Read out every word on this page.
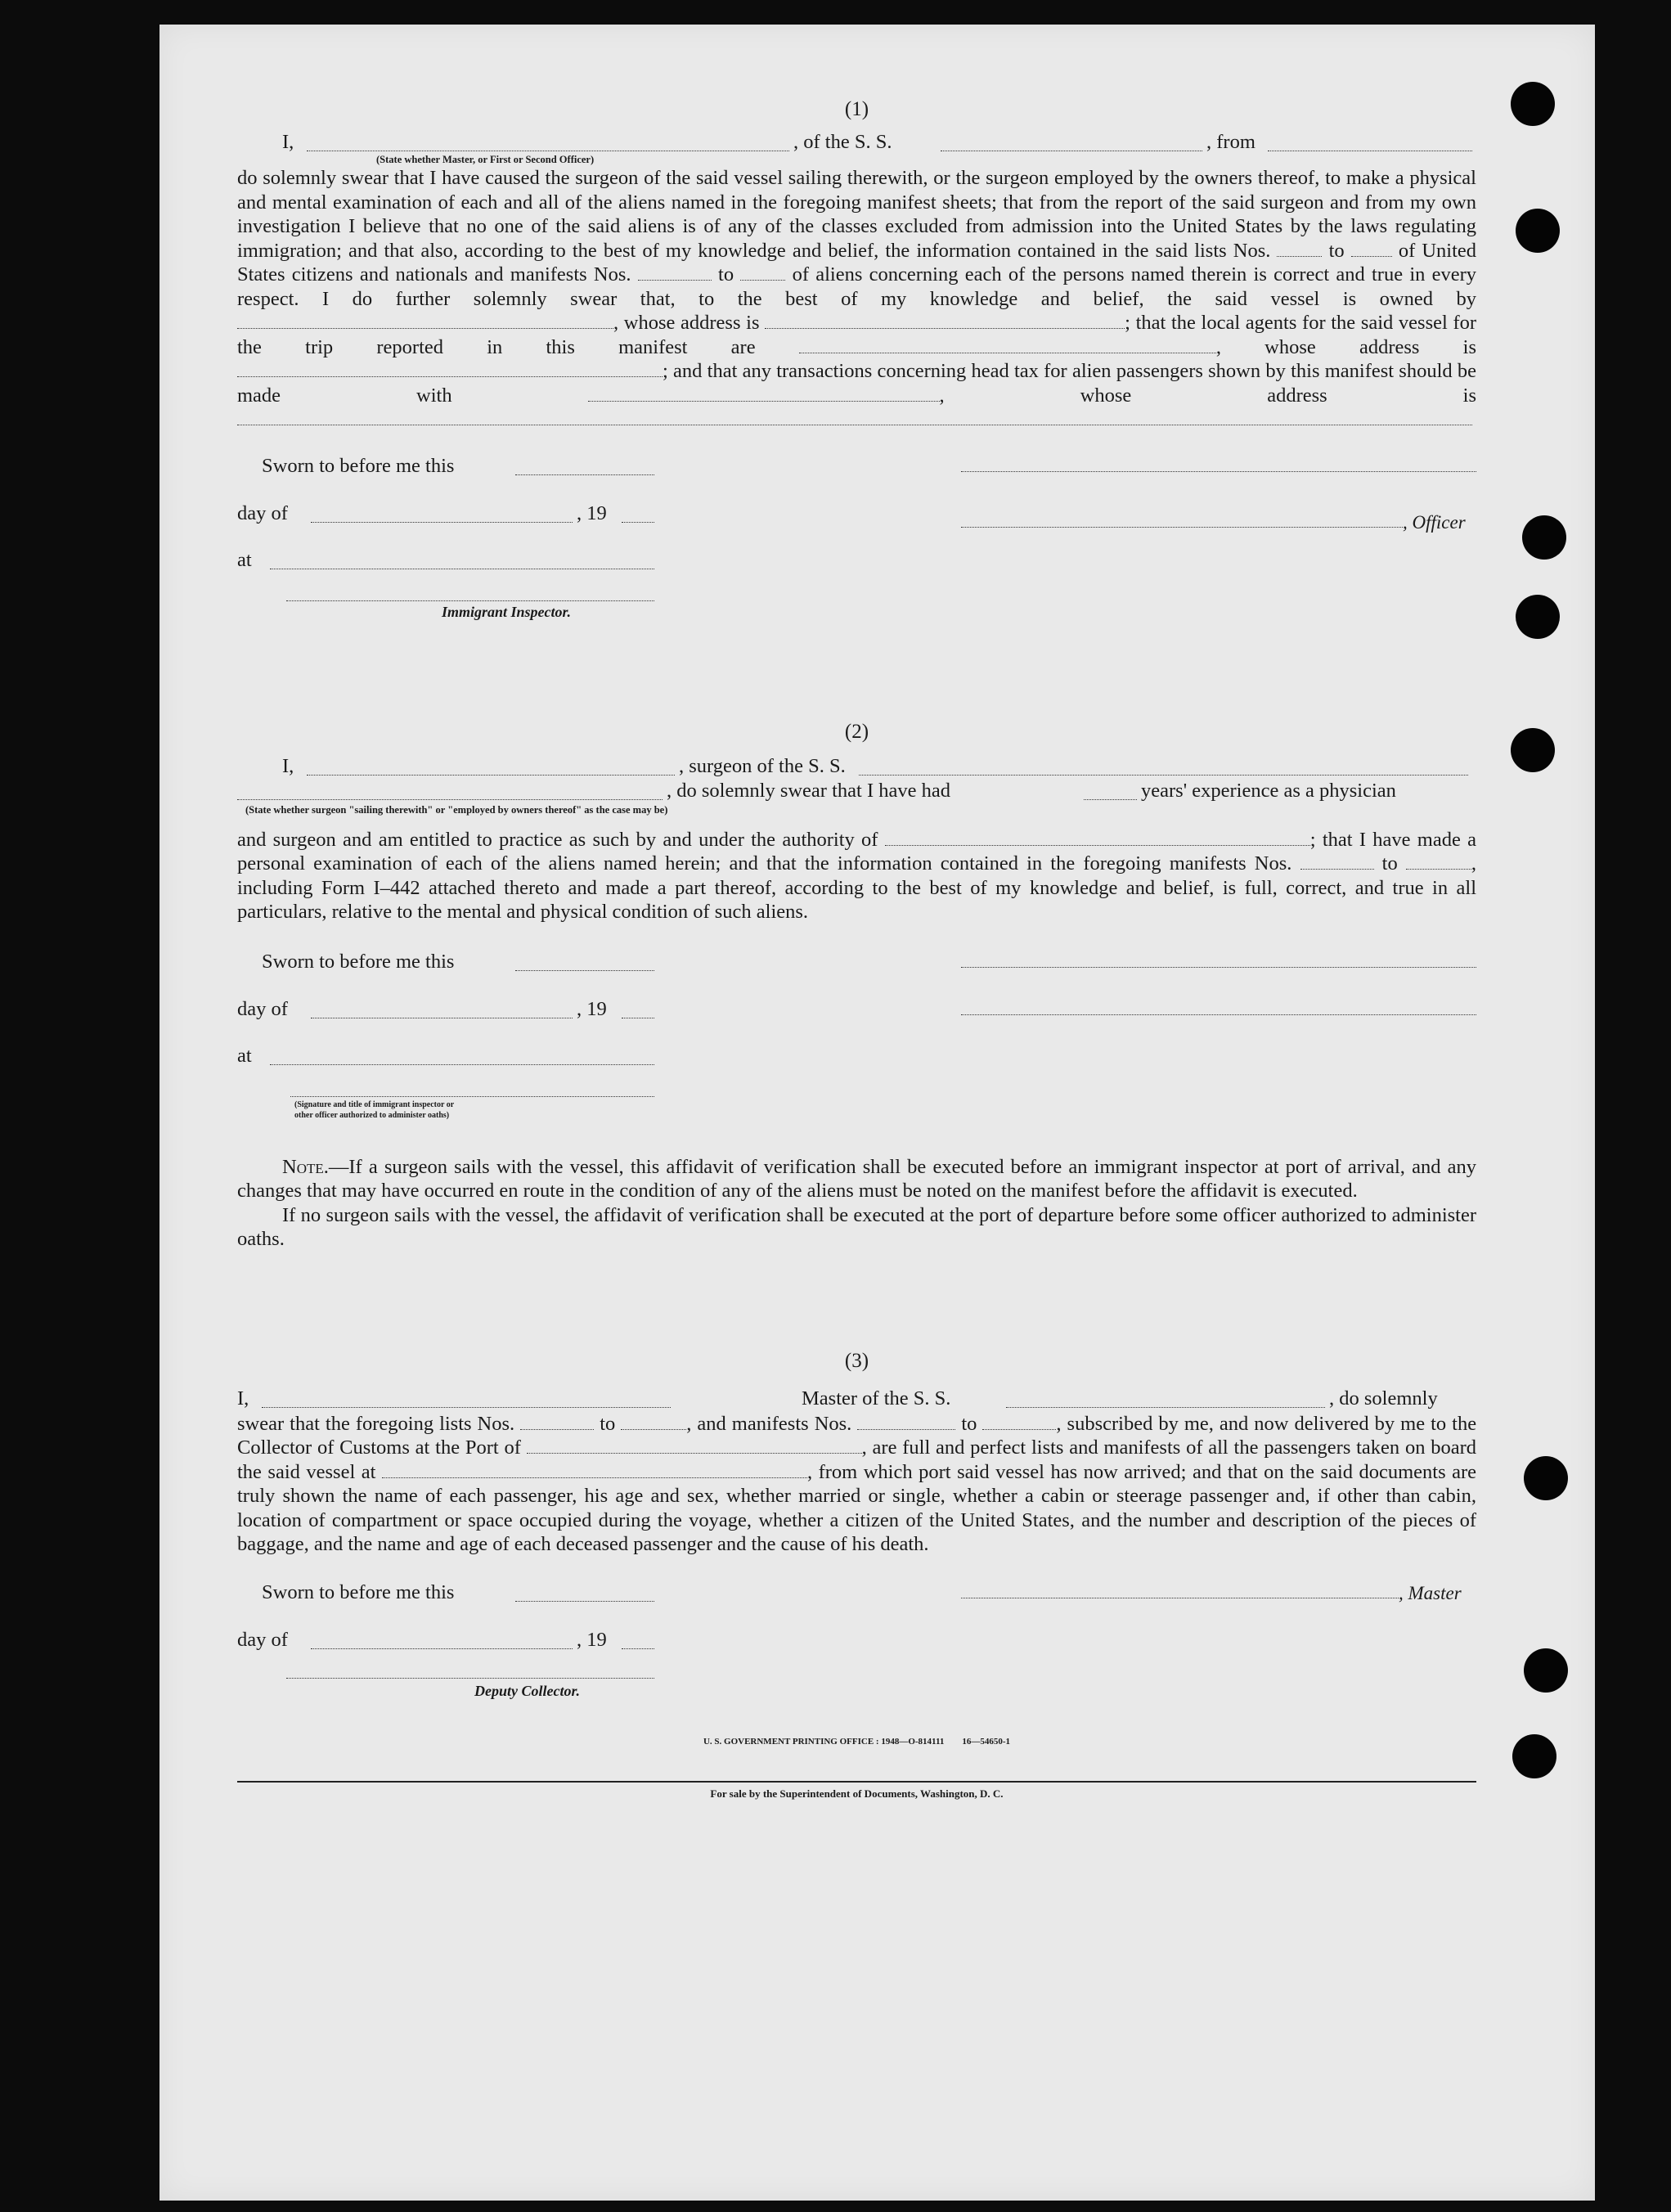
(1)

I,	, of the S. S.	, from
(State whether Master, or First or Second Officer)

do solemnly swear that I have caused the surgeon of the said vessel sailing therewith, or the surgeon employed by the owners thereof, to make a physical and mental examination of each and all of the aliens named in the foregoing manifest sheets; that from the report of the said surgeon and from my own investigation I believe that no one of the said aliens is of any of the classes excluded from admission into the United States by the laws regulating immigration; and that also, according to the best of my knowledge and belief, the information contained in the said lists Nos.	to	of United States citizens and nationals and manifests Nos.	to	of aliens concerning each of the persons named therein is correct and true in every respect. I do further solemnly swear that, to the best of my knowledge and belief, the said vessel is owned by , whose address is	; that the local agents for the said vessel for the trip reported in this manifest are	, whose address is ; and that any transactions concerning head tax for alien passengers shown by this manifest should be made with	, whose address is

Sworn to before me this
day of	, 19
at
Immigrant Inspector.
, Officer

(2)

I,	, surgeon of the S. S.
, do solemnly swear that I have had	years' experience as a physician
(State whether surgeon "sailing therewith" or "employed by owners thereof" as the case may be)

and surgeon and am entitled to practice as such by and under the authority of	; that I have made a personal examination of each of the aliens named herein; and that the information contained in the foregoing manifests Nos.	to	, including Form I–442 attached thereto and made a part thereof, according to the best of my knowledge and belief, is full, correct, and true in all particulars, relative to the mental and physical condition of such aliens.

Sworn to before me this
day of	, 19
at
(Signature and title of immigrant inspector or
other officer authorized to administer oaths)

Note.—If a surgeon sails with the vessel, this affidavit of verification shall be executed before an immigrant inspector at port of arrival, and any changes that may have occurred en route in the condition of any of the aliens must be noted on the manifest before the affidavit is executed.

If no surgeon sails with the vessel, the affidavit of verification shall be executed at the port of departure before some officer authorized to administer oaths.

(3)

I,	Master of the S. S.	, do solemnly

swear that the foregoing lists Nos.	to	, and manifests Nos.	to	, subscribed by me, and now delivered by me to the Collector of Customs at the Port of	, are full and perfect lists and manifests of all the passengers taken on board the said vessel at	, from which port said vessel has now arrived; and that on the said documents are truly shown the name of each passenger, his age and sex, whether married or single, whether a cabin or steerage passenger and, if other than cabin, location of compartment or space occupied during the voyage, whether a citizen of the United States, and the number and description of the pieces of baggage, and the name and age of each deceased passenger and the cause of his death.

Sworn to before me this
day of	, 19
Deputy Collector.
, Master
U. S. GOVERNMENT PRINTING OFFICE : 1948—O-814111 16—54650-1
For sale by the Superintendent of Documents, Washington, D. C.
